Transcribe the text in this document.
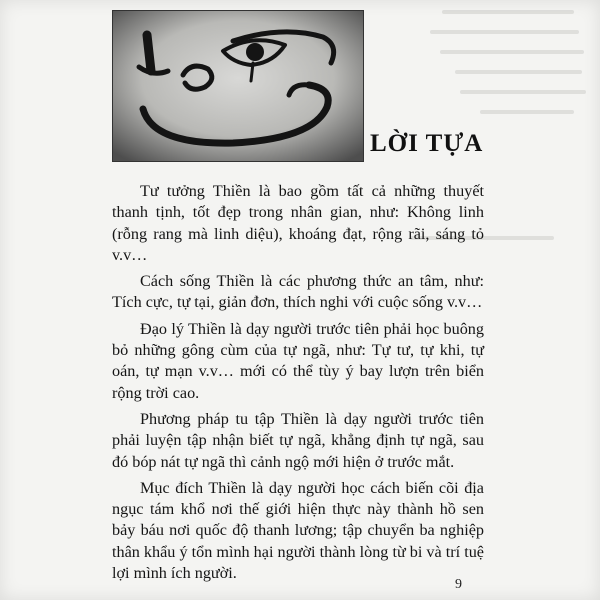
LỜI TỰA

Tư tưởng Thiền là bao gồm tất cả những thuyết thanh tịnh, tốt đẹp trong nhân gian, như: Không linh (rỗng rang mà linh diệu), khoáng đạt, rộng rãi, sáng tỏ v.v…

Cách sống Thiền là các phương thức an tâm, như: Tích cực, tự tại, giản đơn, thích nghi với cuộc sống v.v…

Đạo lý Thiền là dạy người trước tiên phải học buông bỏ những gông cùm của tự ngã, như: Tự tư, tự khi, tự oán, tự mạn v.v… mới có thể tùy ý bay lượn trên biển rộng trời cao.

Phương pháp tu tập Thiền là dạy người trước tiên phải luyện tập nhận biết tự ngã, khẳng định tự ngã, sau đó bóp nát tự ngã thì cảnh ngộ mới hiện ở trước mắt.

Mục đích Thiền là dạy người học cách biến cõi địa ngục tám khổ nơi thế giới hiện thực này thành hồ sen bảy báu nơi quốc độ thanh lương; tập chuyển ba nghiệp thân khẩu ý tổn mình hại người thành lòng từ bi và trí tuệ lợi mình ích người.

9
